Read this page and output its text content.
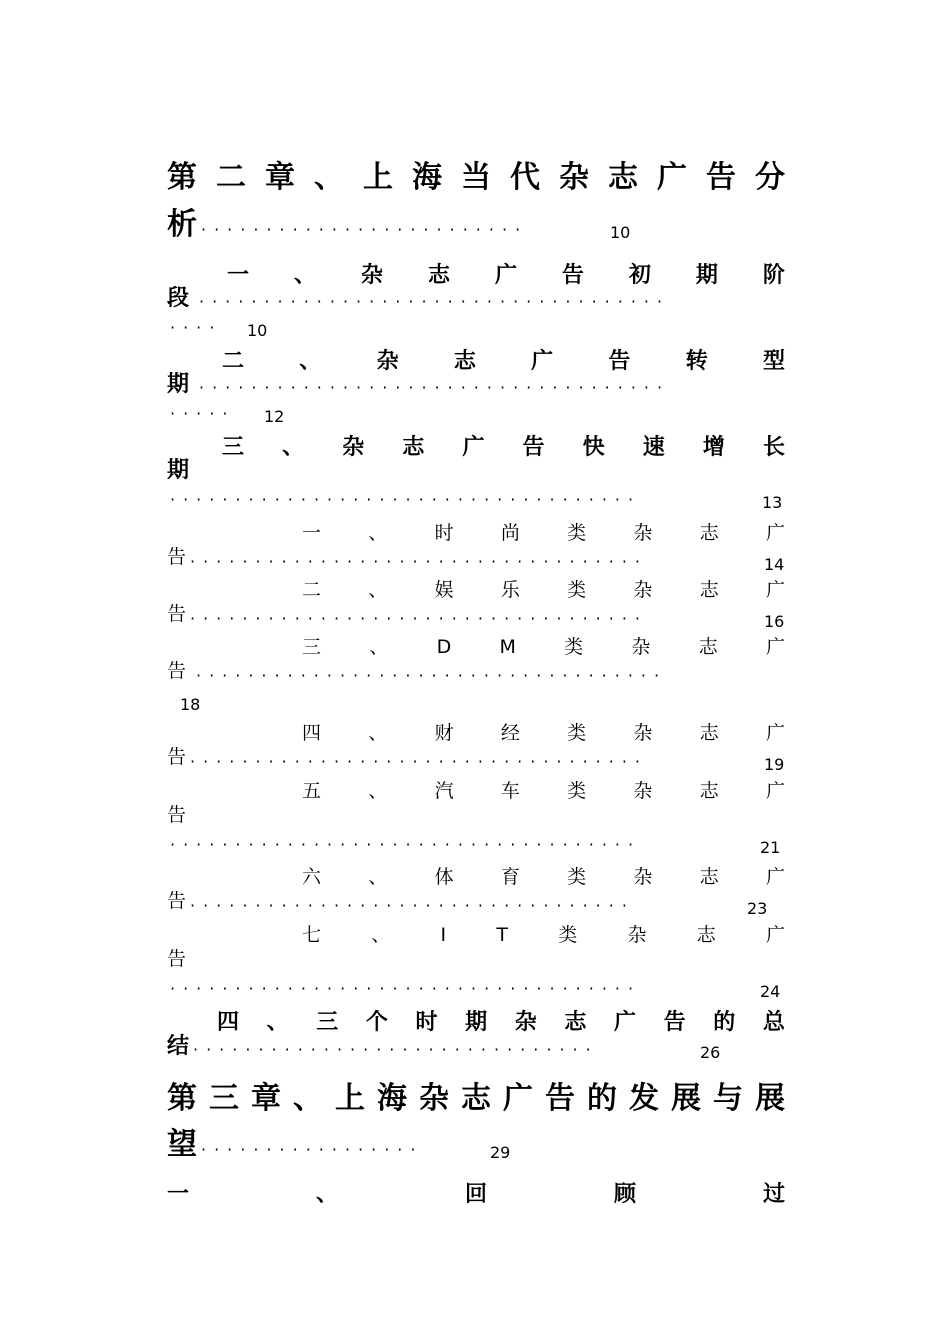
第 二 章 、 上 海 当 代 杂 志 广 告 分
析 ·························	10
一 、 杂 志 广 告 初 期 阶
段 ····································
····	10
二	、	杂	志	广	告	转	型
期 ····································
·····	12
三 、 杂 志 广 告 快 速 增 长
期
····································	13
一 、 时 尚 类 杂 志 广
告 ···································	14
二 、 娱 乐 类 杂 志 广
告 ···································	16
三	、	D	M	类	杂	志	广
告 ····································
18
四 、 财 经 类 杂 志 广
告 ···································	19
五 、 汽 车 类 杂 志 广
告
····································	21
六 、 体 育 类 杂 志 广
告 ··································	23
七	、	I	T	类	杂	志	广
告
····································	24
四 、 三 个 时 期 杂 志 广 告 的 总
结 ·······························	26
第 三 章 、 上 海 杂 志 广 告 的 发 展 与 展
望 ·················	29
一	、	回	顾	过
